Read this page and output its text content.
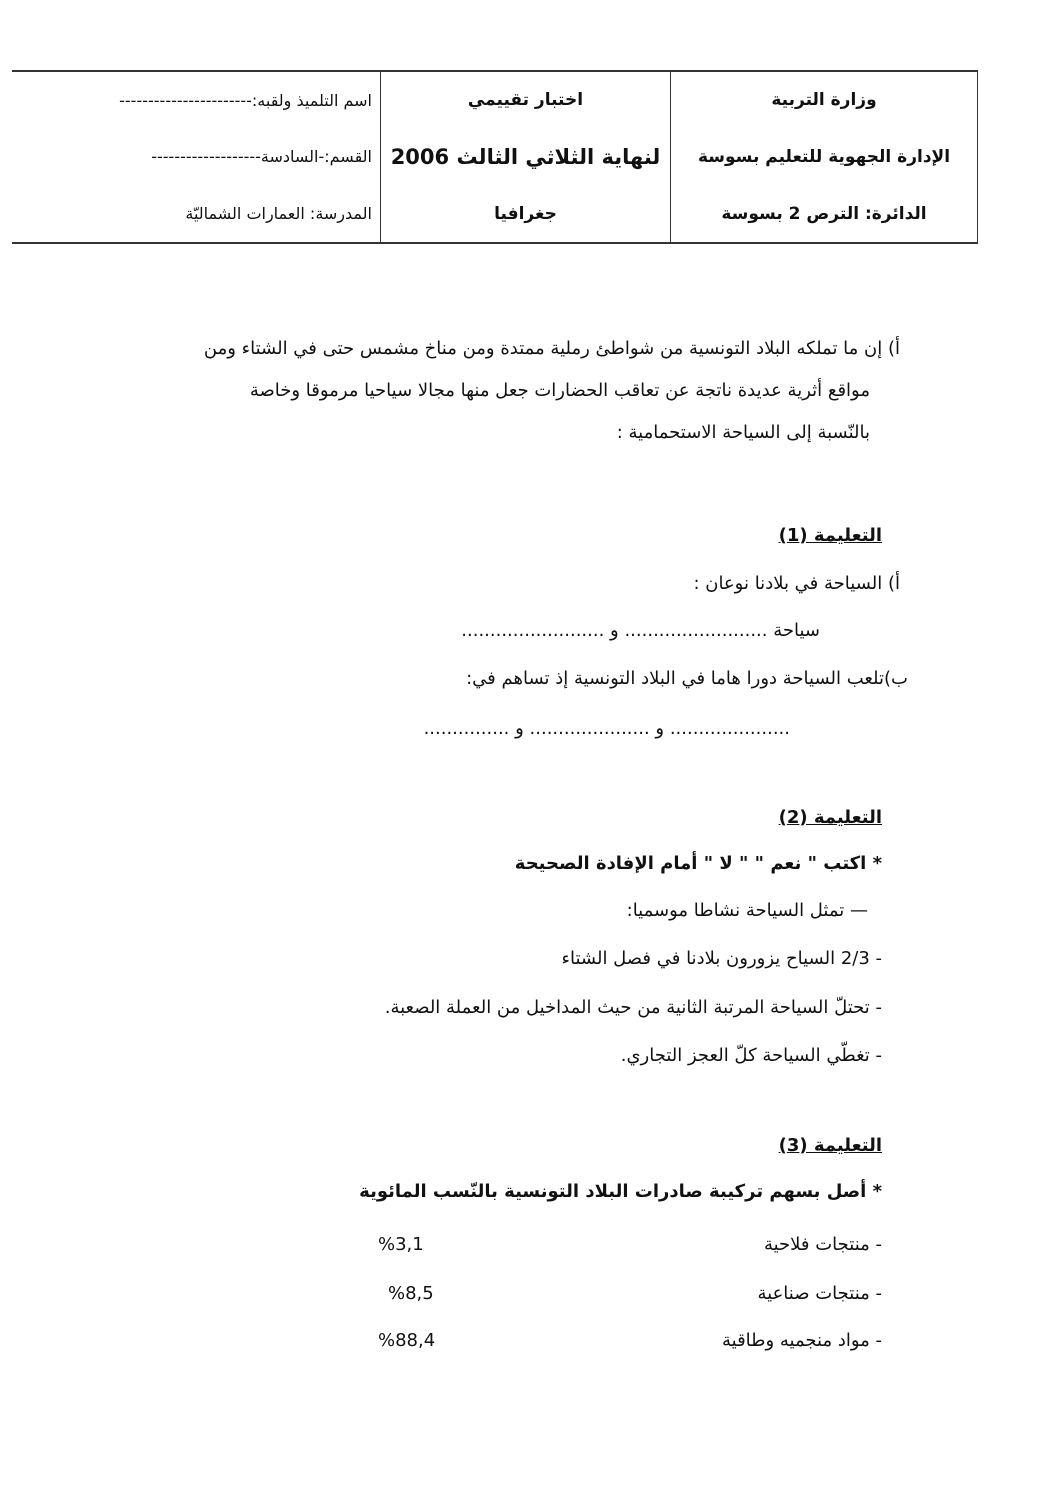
وزارة التربية
الإدارة الجهوية للتعليم بسوسة
الدائرة: الترص 2 بسوسة
اختبار تقييمي
لنهاية الثلاثي الثالث 2006
جغرافيا
اسم التلميذ ولقبه:-----------------------
القسم:-السادسة-------------------
المدرسة: العمارات الشماليّة
أ) إن ما تملكه البلاد التونسية من شواطئ رملية ممتدة ومن مناخ مشمس حتى في الشتاء ومن
مواقع أثرية عديدة ناتجة عن تعاقب الحضارات جعل منها مجالا سياحيا مرموقا وخاصة
بالنّسبة إلى السياحة الاستحمامية :
التعليمة (1)
أ) السياحة في بلادنا نوعان :
سياحة ......................... و .........................
ب)تلعب السياحة دورا هاما في البلاد التونسية إذ تساهم في:
..................... و ..................... و ...............
التعليمة (2)
* اكتب " نعم " " لا " أمام الإفادة الصحيحة
— تمثل السياحة نشاطا موسميا:
- 2/3 السياح يزورون بلادنا في فصل الشتاء
- تحتلّ السياحة المرتبة الثانية من حيث المداخيل من العملة الصعبة.
- تغطّي السياحة كلّ العجز التجاري.
التعليمة (3)
* أصل بسهم تركيبة صادرات البلاد التونسية بالنّسب المائوية
- منتجات فلاحية
- منتجات صناعية
- مواد منجميه وطاقية
%3,1
%8,5
%88,4
